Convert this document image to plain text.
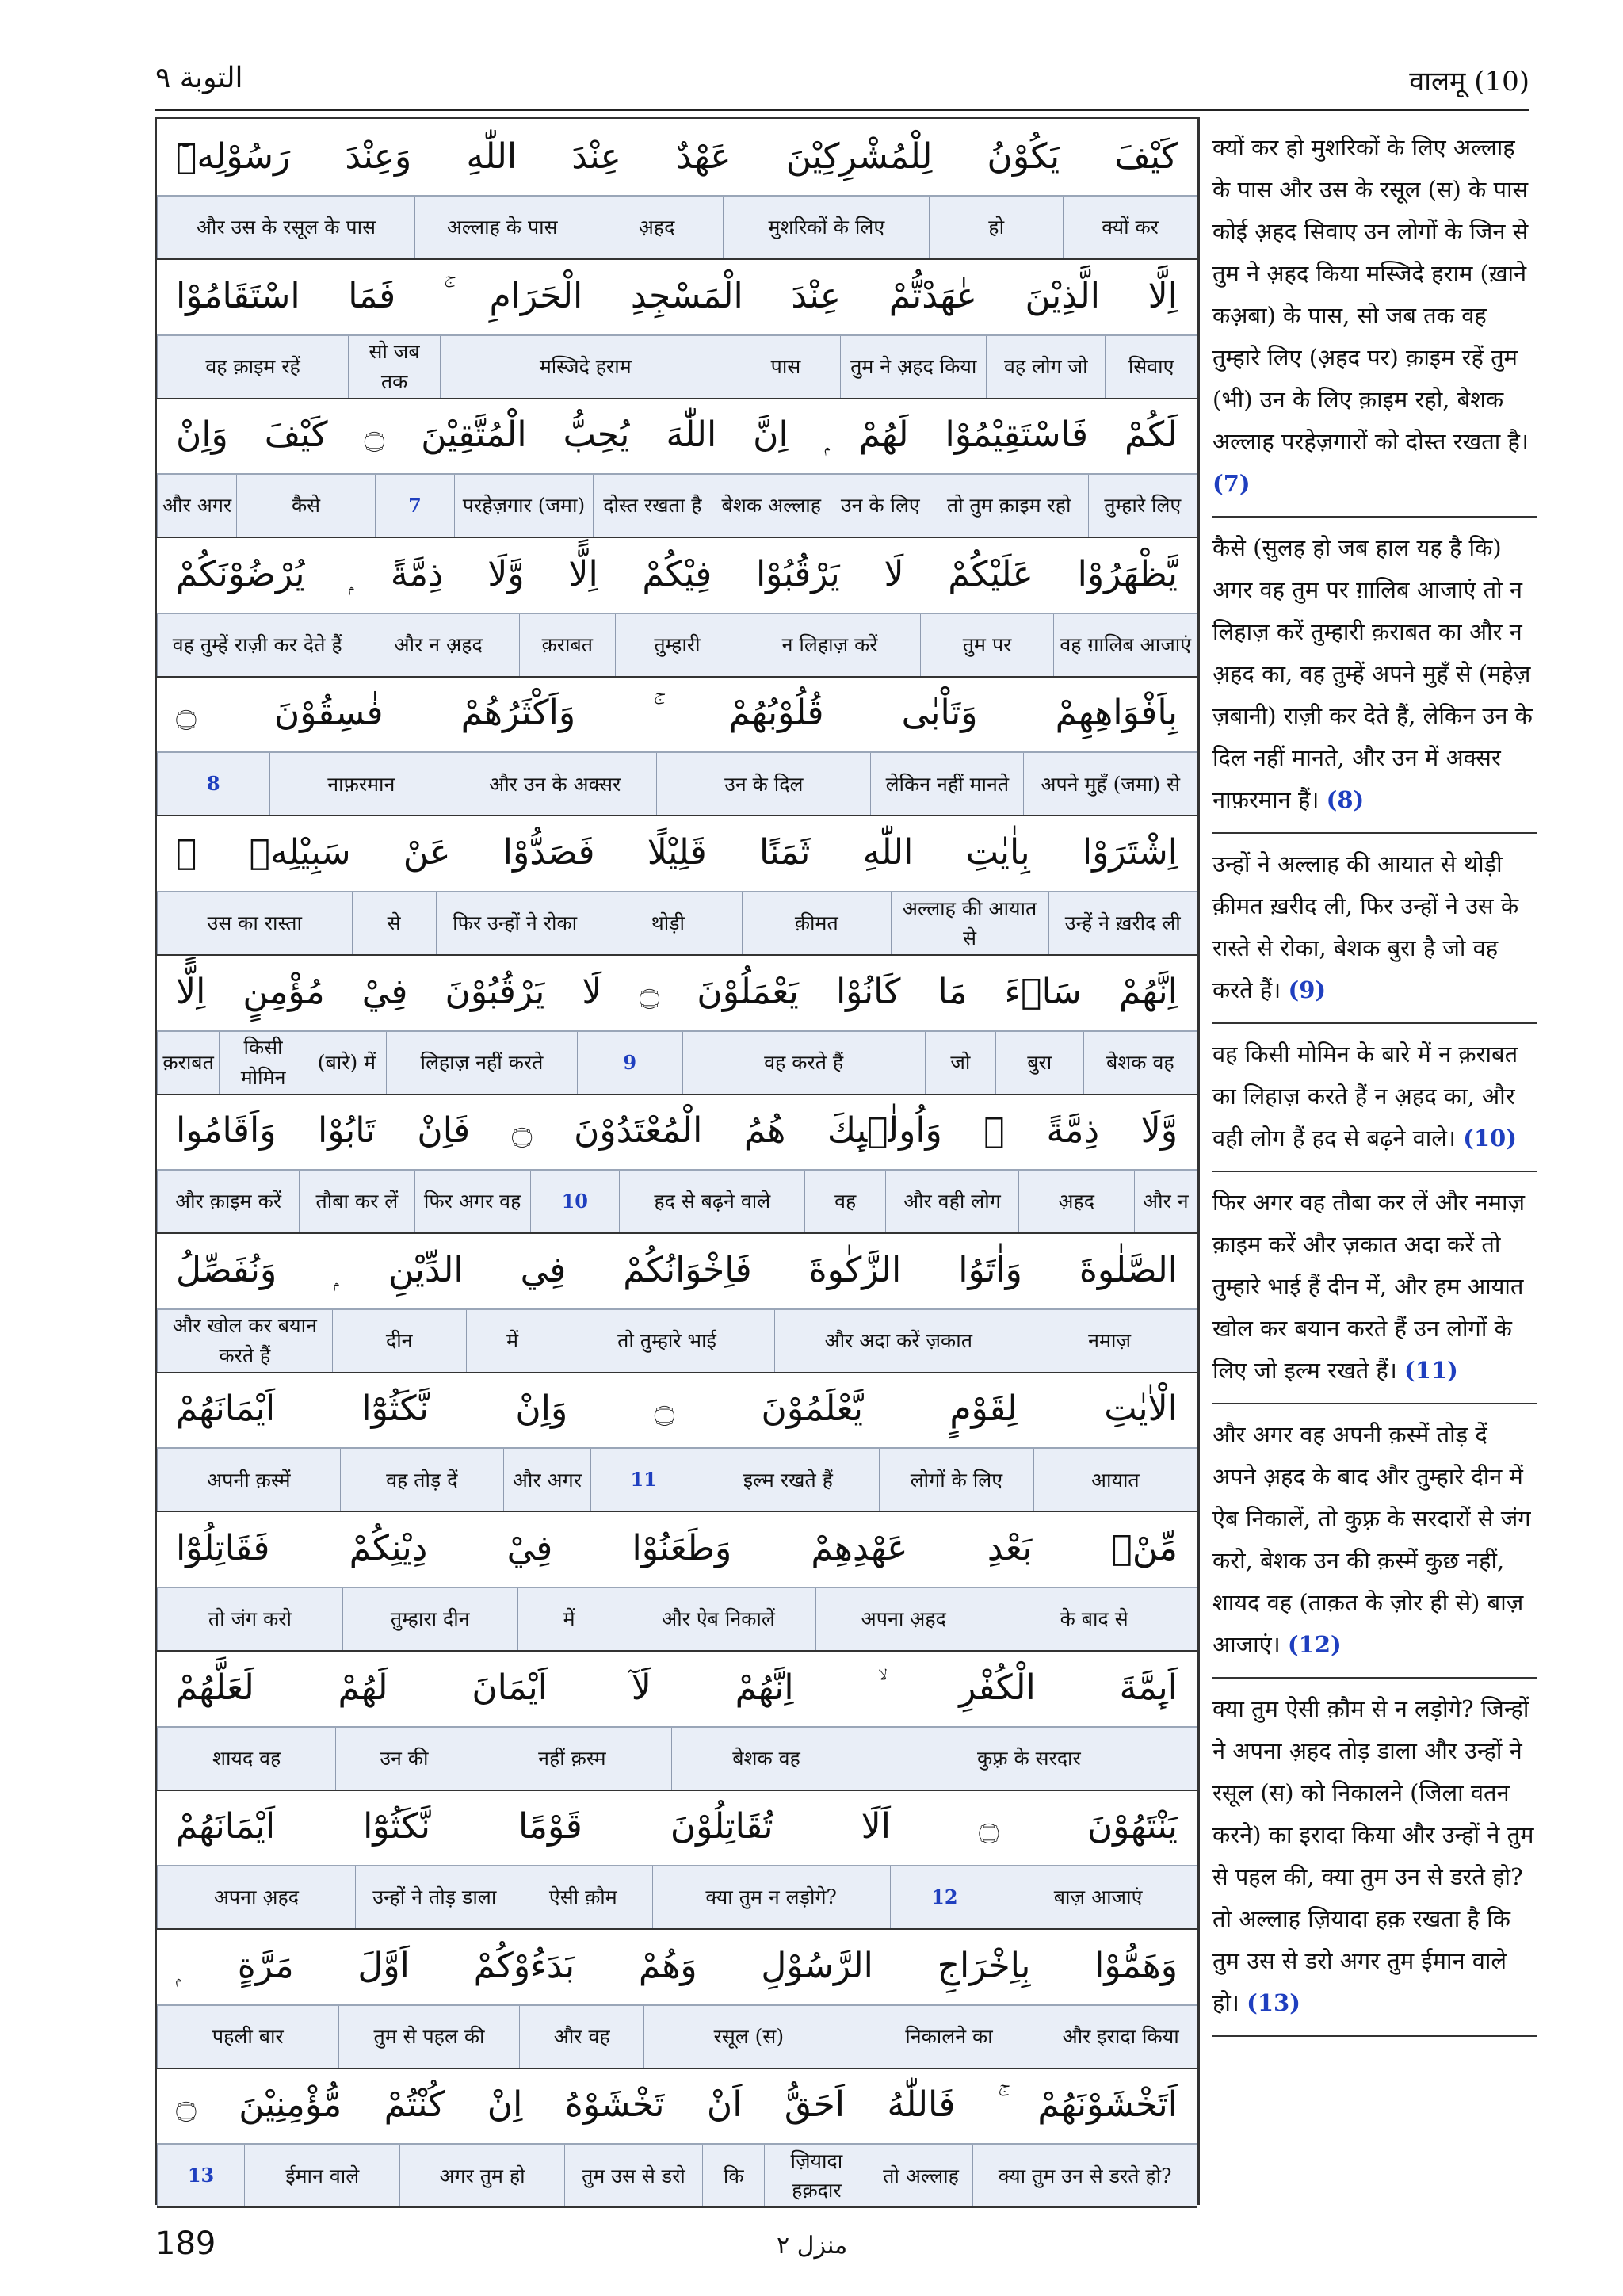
التوبة ٩	वालमू (10)
كَيْفَ يَكُوْنُ لِلْمُشْرِكِيْنَ عَهْدٌ عِنْدَ اللّٰهِ وَعِنْدَ رَسُوْلِهٖٓ
क्यों कर
हो
मुशरिकों के लिए
अ़हद
अल्लाह के पास
और उस के रसूल के पास
اِلَّا الَّذِيْنَ عٰهَدْتُّمْ عِنْدَ الْمَسْجِدِ الْحَرَامِ ۚ فَمَا اسْتَقَامُوْا
सिवाए
वह लोग जो
तुम ने अ़हद किया
पास
मस्जिदे हराम
सो जब तक
वह क़ाइम रहें
لَكُمْ فَاسْتَقِيْمُوْا لَهُمْ ۭ اِنَّ اللّٰهَ يُحِبُّ الْمُتَّقِيْنَ ۝ كَيْفَ وَاِنْ
तुम्हारे लिए
तो तुम क़ाइम रहो
उन के लिए
बेशक अल्लाह
दोस्त रखता है
परहेज़गार (जमा)
7
कैसे
और अगर
يَّظْهَرُوْا عَلَيْكُمْ لَا يَرْقُبُوْا فِيْكُمْ اِلًّا وَّلَا ذِمَّةً ۭ يُرْضُوْنَكُمْ
वह ग़ालिब आजाएं
तुम पर
न लिहाज़ करें
तुम्हारी
क़राबत
और न अ़हद
वह तुम्हें राज़ी कर देते हैं
بِاَفْوَاهِهِمْ وَتَاْبٰى قُلُوْبُهُمْ ۚ وَاَكْثَرُهُمْ فٰسِقُوْنَ ۝
अपने मुहँ (जमा) से
लेकिन नहीं मानते
उन के दिल
और उन के अक्सर
नाफ़रमान
8
اِشْتَرَوْا بِاٰيٰتِ اللّٰهِ ثَمَنًا قَلِيْلًا فَصَدُّوْا عَنْ سَبِيْلِهٖ ۭ
उन्हें ने ख़रीद ली
अल्लाह की आयात से
क़ीमत
थोड़ी
फिर उन्हों ने रोका
से
उस का रास्ता
اِنَّهُمْ سَاۗءَ مَا كَانُوْا يَعْمَلُوْنَ ۝ لَا يَرْقُبُوْنَ فِيْ مُؤْمِنٍ اِلًّا
बेशक वह
बुरा
जो
वह करते हैं
9
लिहाज़ नहीं करते
(बारे) में
किसी मोमिन
क़राबत
وَّلَا ذِمَّةً ۭ وَاُولٰۗىِٕكَ هُمُ الْمُعْتَدُوْنَ ۝ فَاِنْ تَابُوْا وَاَقَامُوا
और न
अ़हद
और वही लोग
वह
हद से बढ़ने वाले
10
फिर अगर वह
तौबा कर लें
और क़ाइम करें
الصَّلٰوةَ وَاٰتَوُا الزَّكٰوةَ فَاِخْوَانُكُمْ فِي الدِّيْنِ ۭ وَنُفَصِّلُ
नमाज़
और अदा करें ज़कात
तो तुम्हारे भाई
में
दीन
और खोल कर बयान करते हैं
الْاٰيٰتِ لِقَوْمٍ يَّعْلَمُوْنَ ۝ وَاِنْ نَّكَثُوْٓا اَيْمَانَهُمْ
आयात
लोगों के लिए
इल्म रखते हैं
11
और अगर
वह तोड़ दें
अपनी क़स्में
مِّنْۢ بَعْدِ عَهْدِهِمْ وَطَعَنُوْا فِيْ دِيْنِكُمْ فَقَاتِلُوْٓا
के बाद से
अपना अ़हद
और ऐब निकालें
में
तुम्हारा दीन
तो जंग करो
اَىِٕمَّةَ الْكُفْرِ ۙ اِنَّهُمْ لَآ اَيْمَانَ لَهُمْ لَعَلَّهُمْ
कुफ़्र के सरदार
बेशक वह
नहीं क़स्म
उन की
शायद वह
يَنْتَهُوْنَ ۝ اَلَا تُقَاتِلُوْنَ قَوْمًا نَّكَثُوْٓا اَيْمَانَهُمْ
बाज़ आजाएं
12
क्या तुम न लड़ोगे?
ऐसी क़ौम
उन्हों ने तोड़ डाला
अपना अ़हद
وَهَمُّوْا بِاِخْرَاجِ الرَّسُوْلِ وَهُمْ بَدَءُوْكُمْ اَوَّلَ مَرَّةٍ ۭ
और इरादा किया
निकालने का
रसूल (स)
और वह
तुम से पहल की
पहली बार
اَتَخْشَوْنَهُمْ ۚ فَاللّٰهُ اَحَقُّ اَنْ تَخْشَوْهُ اِنْ كُنْتُمْ مُّؤْمِنِيْنَ ۝
क्या तुम उन से डरते हो?
तो अल्लाह
ज़ियादा हक़दार
कि
तुम उस से डरो
अगर तुम हो
ईमान वाले
13

क्यों कर हो मुशरिकों के लिए अल्लाह के पास और उस के रसूल (स) के पास कोई अ़हद सिवाए उन लोगों के जिन से तुम ने अ़हद किया मस्जिदे हराम (ख़ाने कअ़बा) के पास, सो जब तक वह तुम्हारे लिए (अ़हद पर) क़ाइम रहें तुम (भी) उन के लिए क़ाइम रहो, बेशक अल्लाह परहेज़गारों को दोस्त रखता है। (7)

कैसे (सुलह हो जब हाल यह है कि) अगर वह तुम पर ग़ालिब आजाएं तो न लिहाज़ करें तुम्हारी क़राबत का और न अ़हद का, वह तुम्हें अपने मुहँ से (महेज़ ज़बानी) राज़ी कर देते हैं, लेकिन उन के दिल नहीं मानते, और उन में अक्सर नाफ़रमान हैं। (8)

उन्हों ने अल्लाह की आयात से थोड़ी क़ीमत ख़रीद ली, फिर उन्हों ने उस के रास्ते से रोका, बेशक बुरा है जो वह करते हैं। (9)

वह किसी मोमिन के बारे में न क़राबत का लिहाज़ करते हैं न अ़हद का, और वही लोग हैं हद से बढ़ने वाले। (10)

फिर अगर वह तौबा कर लें और नमाज़ क़ाइम करें और ज़कात अदा करें तो तुम्हारे भाई हैं दीन में, और हम आयात खोल कर बयान करते हैं उन लोगों के लिए जो इल्म रखते हैं। (11)

और अगर वह अपनी क़स्में तोड़ दें अपने अ़हद के बाद और तुम्हारे दीन में ऐब निकालें, तो कुफ़्र के सरदारों से जंग करो, बेशक उन की क़स्में कुछ नहीं, शायद वह (ताक़त के ज़ोर ही से) बाज़ आजाएं। (12)

क्या तुम ऐसी क़ौम से न लड़ोगे? जिन्हों ने अपना अ़हद तोड़ डाला और उन्हों ने रसूल (स) को निकालने (जिला वतन करने) का इरादा किया और उन्हों ने तुम से पहल की, क्या तुम उन से डरते हो? तो अल्लाह ज़ियादा हक़ रखता है कि तुम उस से डरो अगर तुम ईमान वाले हो। (13)

189	منزل ٢
